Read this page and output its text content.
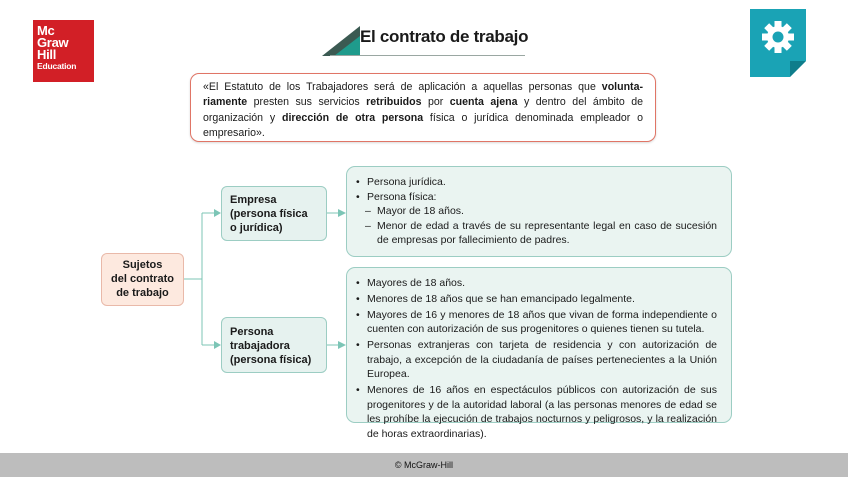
Mc
Graw
Hill
Education
El contrato de trabajo
«El Estatuto de los Trabajadores será de aplicación a aquellas personas que voluntariamente presten sus servicios retribuidos por cuenta ajena y dentro del ámbito de organización y dirección de otra persona física o jurídica denominada empleador o empresario».
Sujetos
del contrato
de trabajo
Empresa
(persona física
o jurídica)
Persona
trabajadora
(persona física)
• Persona jurídica.
• Persona física:
– Mayor de 18 años.
– Menor de edad a través de su representante legal en caso de sucesión de empresas por fallecimiento de padres.
• Mayores de 18 años.
• Menores de 18 años que se han emancipado legalmente.
• Mayores de 16 y menores de 18 años que vivan de forma independiente o cuenten con autorización de sus progenitores o quienes tienen su tutela.
• Personas extranjeras con tarjeta de residencia y con autorización de trabajo, a excepción de la ciudadanía de países pertenecientes a la Unión Europea.
• Menores de 16 años en espectáculos públicos con autorización de sus progenitores y de la autoridad laboral (a las personas menores de edad se les prohíbe la ejecución de trabajos nocturnos y peligrosos, y la realización de horas extraordinarias).
© McGraw-Hill
